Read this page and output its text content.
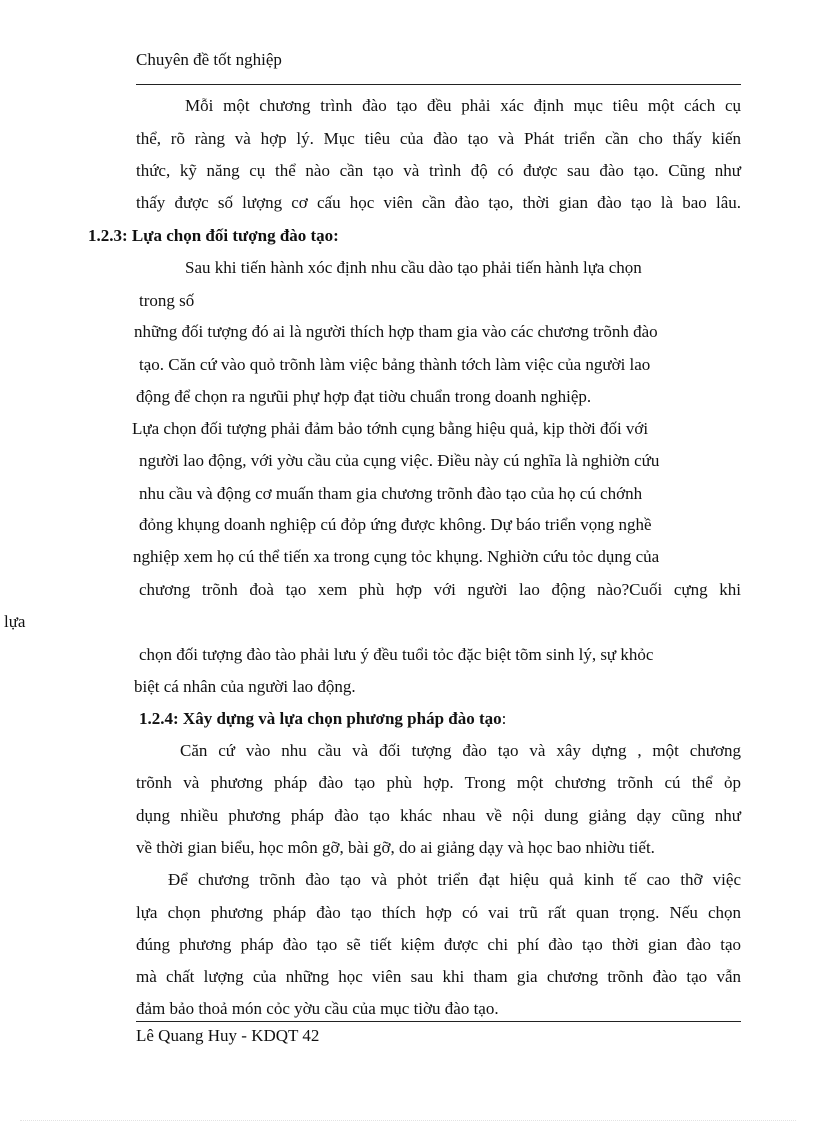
Chuyên đề tốt nghiệp
Mỗi một chương trình đào tạo đều phải xác định mục tiêu một cách cụ
thể, rõ ràng và hợp lý. Mục tiêu của đào tạo và Phát triển cần cho thấy kiến
thức, kỹ năng cụ thể nào cần tạo và trình độ có được sau đào tạo. Cũng như
thấy được số lượng cơ cấu học viên cần đào tạo, thời gian đào tạo là bao lâu.
1.2.3: Lựa chọn đối tượng đào tạo:
Sau khi tiến hành xóc định nhu cầu dào tạo phải tiến hành lựa chọn
trong số
những đối tượng đó ai là người thích hợp tham gia vào các chương trõnh đào
tạo. Căn cứ vào quỏ trõnh làm việc bảng thành tớch làm việc của người lao
động để chọn ra ngưũi phự hợp đạt tiờu chuẩn trong doanh nghiệp.
Lựa chọn đối tượng phải đảm bảo tớnh cụng bằng hiệu quả, kịp thời đối với
người lao động, với yờu cầu của cụng việc. Điều này cú nghĩa là nghiờn cứu
nhu cầu và động cơ muấn tham gia chương trõnh đào tạo của họ cú chớnh
đỏng khụng doanh nghiệp cú đỏp ứng được không. Dự báo triển vọng nghề
nghiệp xem họ cú thể tiến xa trong cụng tỏc khụng. Nghiờn cứu tỏc dụng của
chương trõnh đoà tạo xem phù hợp với người lao động nào?Cuối cựng khi
lựa
chọn đối tượng đào tào phải lưu ý đều tuổi tỏc đặc biệt tõm sinh lý, sự khỏc
biệt cá nhân của người lao động.
1.2.4: Xây dựng và lựa chọn phương pháp đào tạo:
Căn cứ vào nhu cầu và đối tượng đào tạo và xây dựng , một chương
trõnh và phương pháp đào tạo phù hợp. Trong một chương trõnh cú thể ỏp
dụng nhiều phương pháp đào tạo khác nhau về nội dung giảng dạy cũng như
về thời gian biểu, học môn gỡ, bài gỡ, do ai giảng dạy và học bao nhiờu tiết.
Để chương trõnh đào tạo và phỏt triển đạt hiệu quả kinh tế cao thỡ việc
lựa chọn phương pháp đào tạo thích hợp có vai trũ rất quan trọng. Nếu chọn
đúng phương pháp đào tạo sẽ tiết kiệm được chi phí đào tạo thời gian đào tạo
mà chất lượng của những học viên sau khi tham gia chương trõnh đào tạo vẫn
đảm bảo thoả món cỏc yờu cầu của mục tiờu đào tạo.
Lê Quang Huy - KDQT 42
